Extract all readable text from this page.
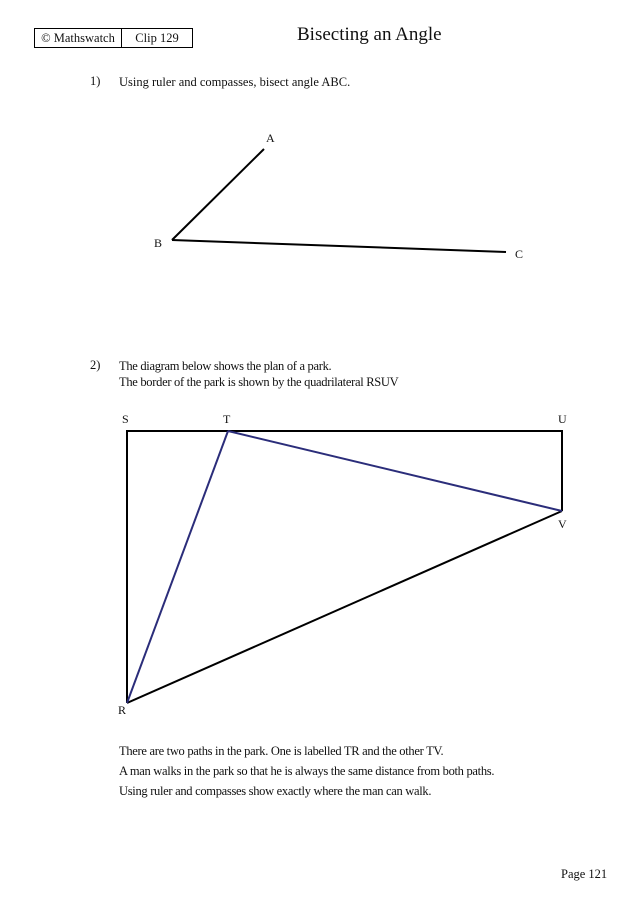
© Mathswatch	Clip 129	Bisecting an Angle
1) Using ruler and compasses, bisect angle ABC.
A
B
C
2) The diagram below shows the plan of a park.
The border of the park is shown by the quadrilateral RSUV
S	T	U
V
R
There are two paths in the park. One is labelled TR and the other TV.
A man walks in the park so that he is always the same distance from both paths.
Using ruler and compasses show exactly where the man can walk.
Page 121
